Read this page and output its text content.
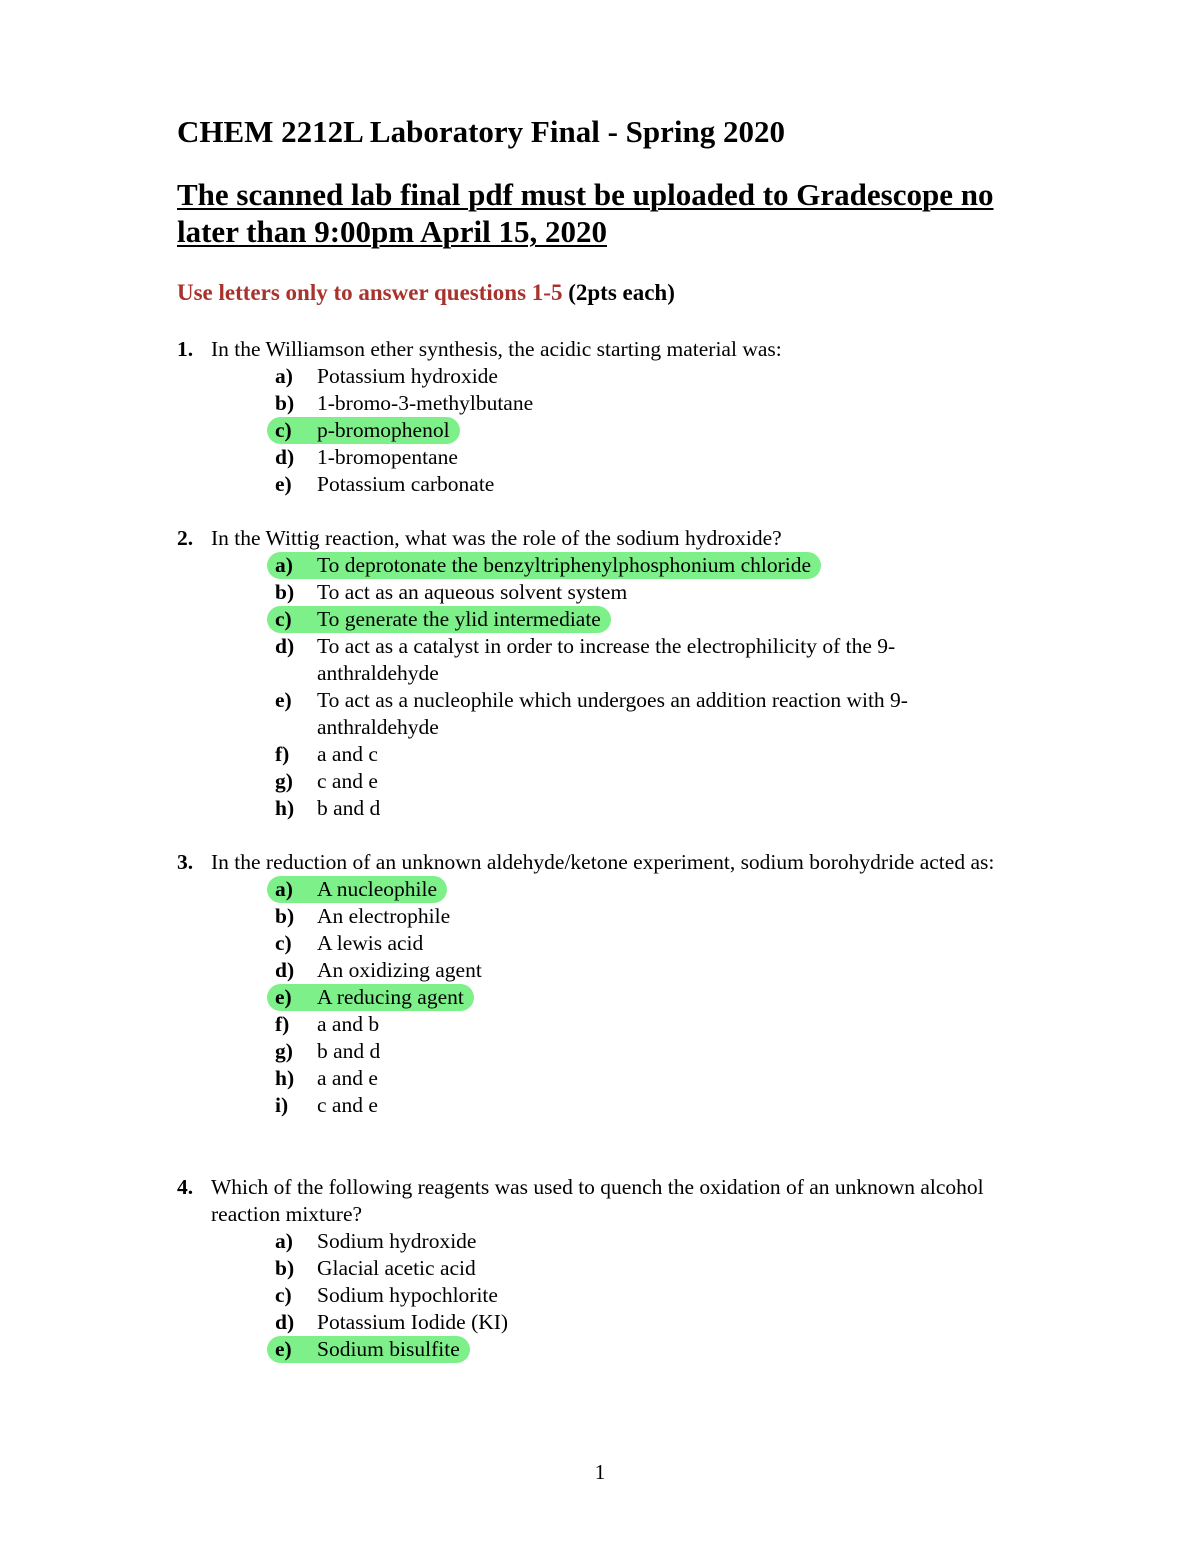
CHEM 2212L Laboratory Final - Spring 2020
The scanned lab final pdf must be uploaded to Gradescope no later than 9:00pm April 15, 2020
Use letters only to answer questions 1-5 (2pts each)
1. In the Williamson ether synthesis, the acidic starting material was:
a)	Potassium hydroxide
b)	1-bromo-3-methylbutane
c)	p-bromophenol
d)	1-bromopentane
e)	Potassium carbonate
2. In the Wittig reaction, what was the role of the sodium hydroxide?
a)	To deprotonate the benzyltriphenylphosphonium chloride
b)	To act as an aqueous solvent system
c)	To generate the ylid intermediate
d)	To act as a catalyst in order to increase the electrophilicity of the 9-anthraldehyde
e)	To act as a nucleophile which undergoes an addition reaction with 9-anthraldehyde
f)	a and c
g)	c and e
h)	b and d
3. In the reduction of an unknown aldehyde/ketone experiment, sodium borohydride acted as:
a)	A nucleophile
b)	An electrophile
c)	A lewis acid
d)	An oxidizing agent
e)	A reducing agent
f)	a and b
g)	b and d
h)	a and e
i)	c and e
4. Which of the following reagents was used to quench the oxidation of an unknown alcohol reaction mixture?
a)	Sodium hydroxide
b)	Glacial acetic acid
c)	Sodium hypochlorite
d)	Potassium Iodide (KI)
e)	Sodium bisulfite
1
